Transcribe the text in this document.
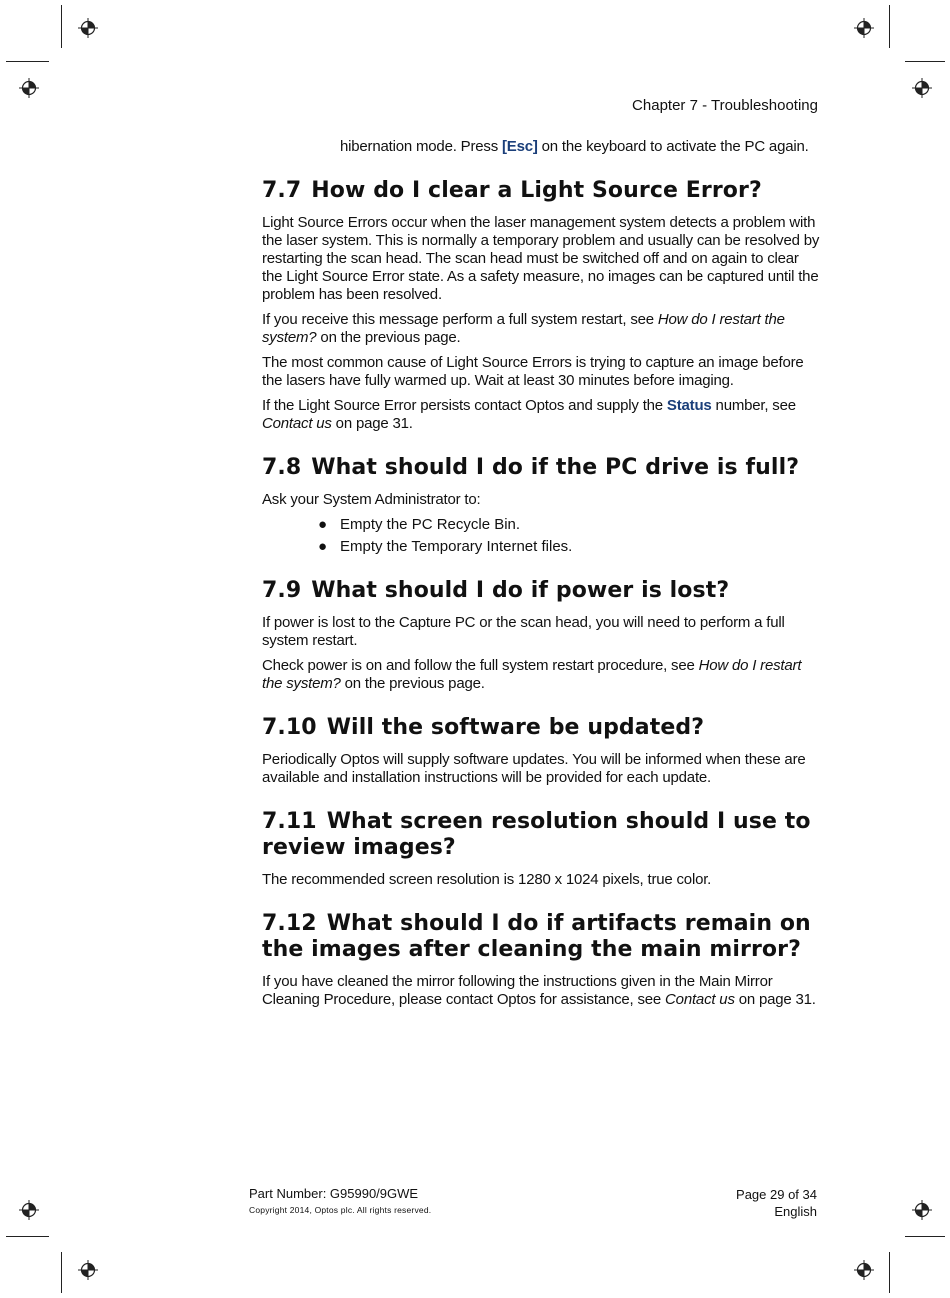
Chapter 7 - Troubleshooting

hibernation mode. Press [Esc] on the keyboard to activate the PC again.

7.7 How do I clear a Light Source Error?

Light Source Errors occur when the laser management system detects a problem with the laser system. This is normally a temporary problem and usually can be resolved by restarting the scan head. The scan head must be switched off and on again to clear the Light Source Error state. As a safety measure, no images can be captured until the problem has been resolved.

If you receive this message perform a full system restart, see How do I restart the system? on the previous page.

The most common cause of Light Source Errors is trying to capture an image before the lasers have fully warmed up. Wait at least 30 minutes before imaging.

If the Light Source Error persists contact Optos and supply the Status number, see Contact us on page 31.

7.8 What should I do if the PC drive is full?

Ask your System Administrator to:

● Empty the PC Recycle Bin.
● Empty the Temporary Internet files.
7.9 What should I do if power is lost?

If power is lost to the Capture PC or the scan head, you will need to perform a full system restart.

Check power is on and follow the full system restart procedure, see How do I restart the system? on the previous page.

7.10 Will the software be updated?

Periodically Optos will supply software updates. You will be informed when these are available and installation instructions will be provided for each update.

7.11 What screen resolution should I use to review images?

The recommended screen resolution is 1280 x 1024 pixels, true color.

7.12 What should I do if artifacts remain on the images after cleaning the main mirror?

If you have cleaned the mirror following the instructions given in the Main Mirror Cleaning Procedure, please contact Optos for assistance, see Contact us on page 31.

Part Number: G95990/9GWE
Copyright 2014, Optos plc. All rights reserved.
Page 29 of 34
English
